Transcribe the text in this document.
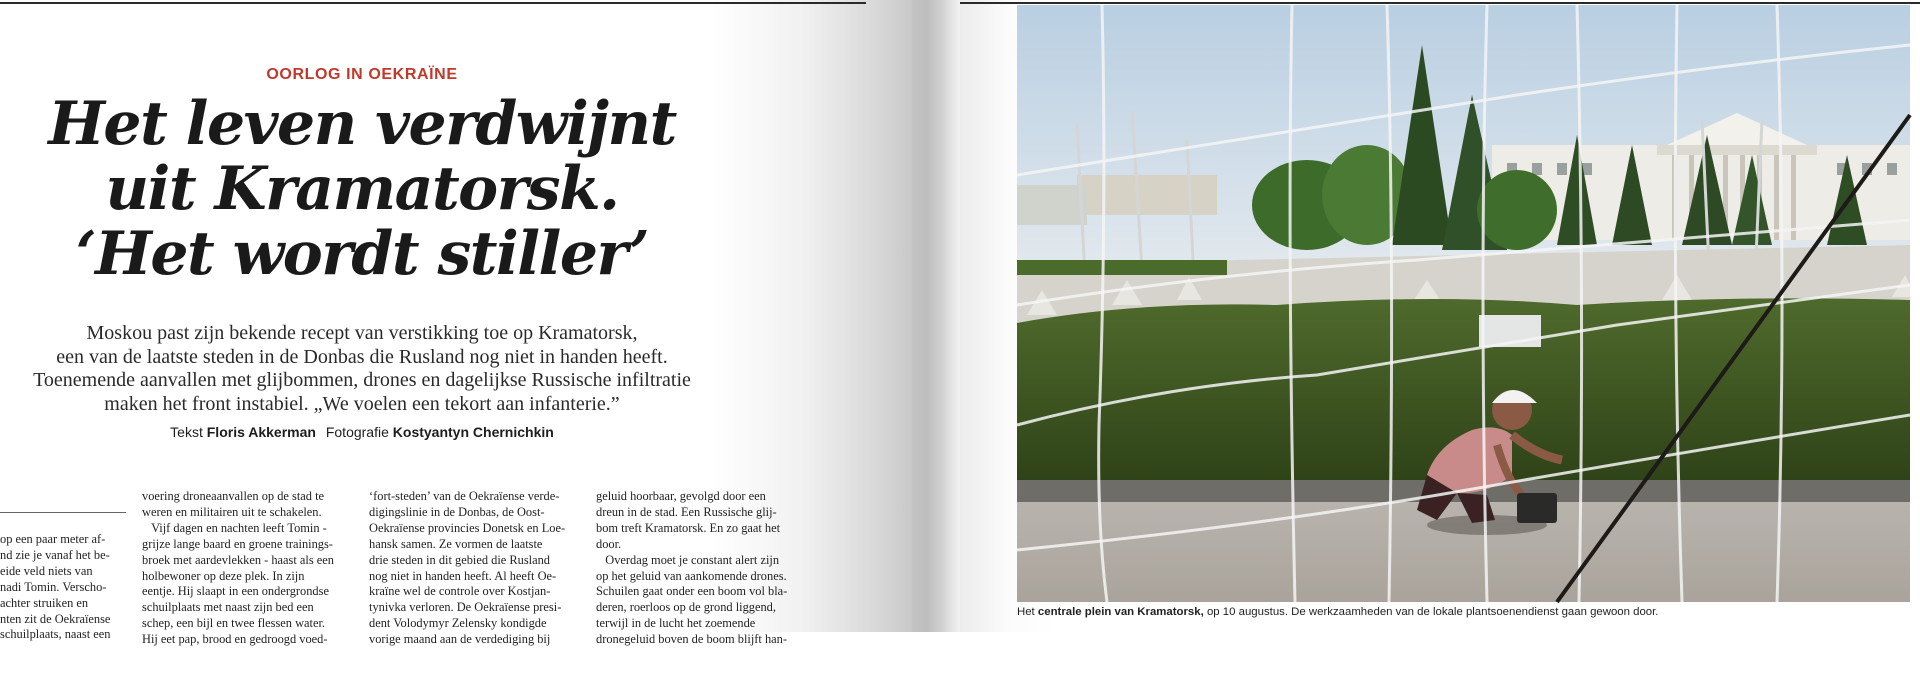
OORLOG IN OEKRAÏNE
Het leven verdwijnt
uit Kramatorsk.
‘Het wordt stiller’
Moskou past zijn bekende recept van verstikking toe op Kramatorsk,
een van de laatste steden in de Donbas die Rusland nog niet in handen heeft.
Toenemende aanvallen met glijbommen, drones en dagelijkse Russische infiltratie
maken het front instabiel. „We voelen een tekort aan infanterie.”
Tekst Floris Akkerman Fotografie Kostyantyn Chernichkin
op een paar meter af-
nd zie je vanaf het be-
eide veld niets van
nadi Tomin. Verscho-
achter struiken en
nten zit de Oekraïense
schuilplaats, naast een
voering droneaanvallen op de stad te
weren en militairen uit te schakelen.
Vijf dagen en nachten leeft Tomin -
grijze lange baard en groene trainings-
broek met aardevlekken - haast als een
holbewoner op deze plek. In zijn
eentje. Hij slaapt in een ondergrondse
schuilplaats met naast zijn bed een
schep, een bijl en twee flessen water.
Hij eet pap, brood en gedroogd voed-
‘fort-steden’ van de Oekraïense verde-
digingslinie in de Donbas, de Oost-
Oekraïense provincies Donetsk en Loe-
hansk samen. Ze vormen de laatste
drie steden in dit gebied die Rusland
nog niet in handen heeft. Al heeft Oe-
kraïne wel de controle over Kostjan-
tynivka verloren. De Oekraïense presi-
dent Volodymyr Zelensky kondigde
vorige maand aan de verdediging bij
geluid hoorbaar, gevolgd door een
dreun in de stad. Een Russische glij-
bom treft Kramatorsk. En zo gaat het
door.
Overdag moet je constant alert zijn
op het geluid van aankomende drones.
Schuilen gaat onder een boom vol bla-
deren, roerloos op de grond liggend,
terwijl in de lucht het zoemende
dronegeluid boven de boom blijft han-
Het centrale plein van Kramatorsk, op 10 augustus. De werkzaamheden van de lokale plantsoenendienst gaan gewoon door.
